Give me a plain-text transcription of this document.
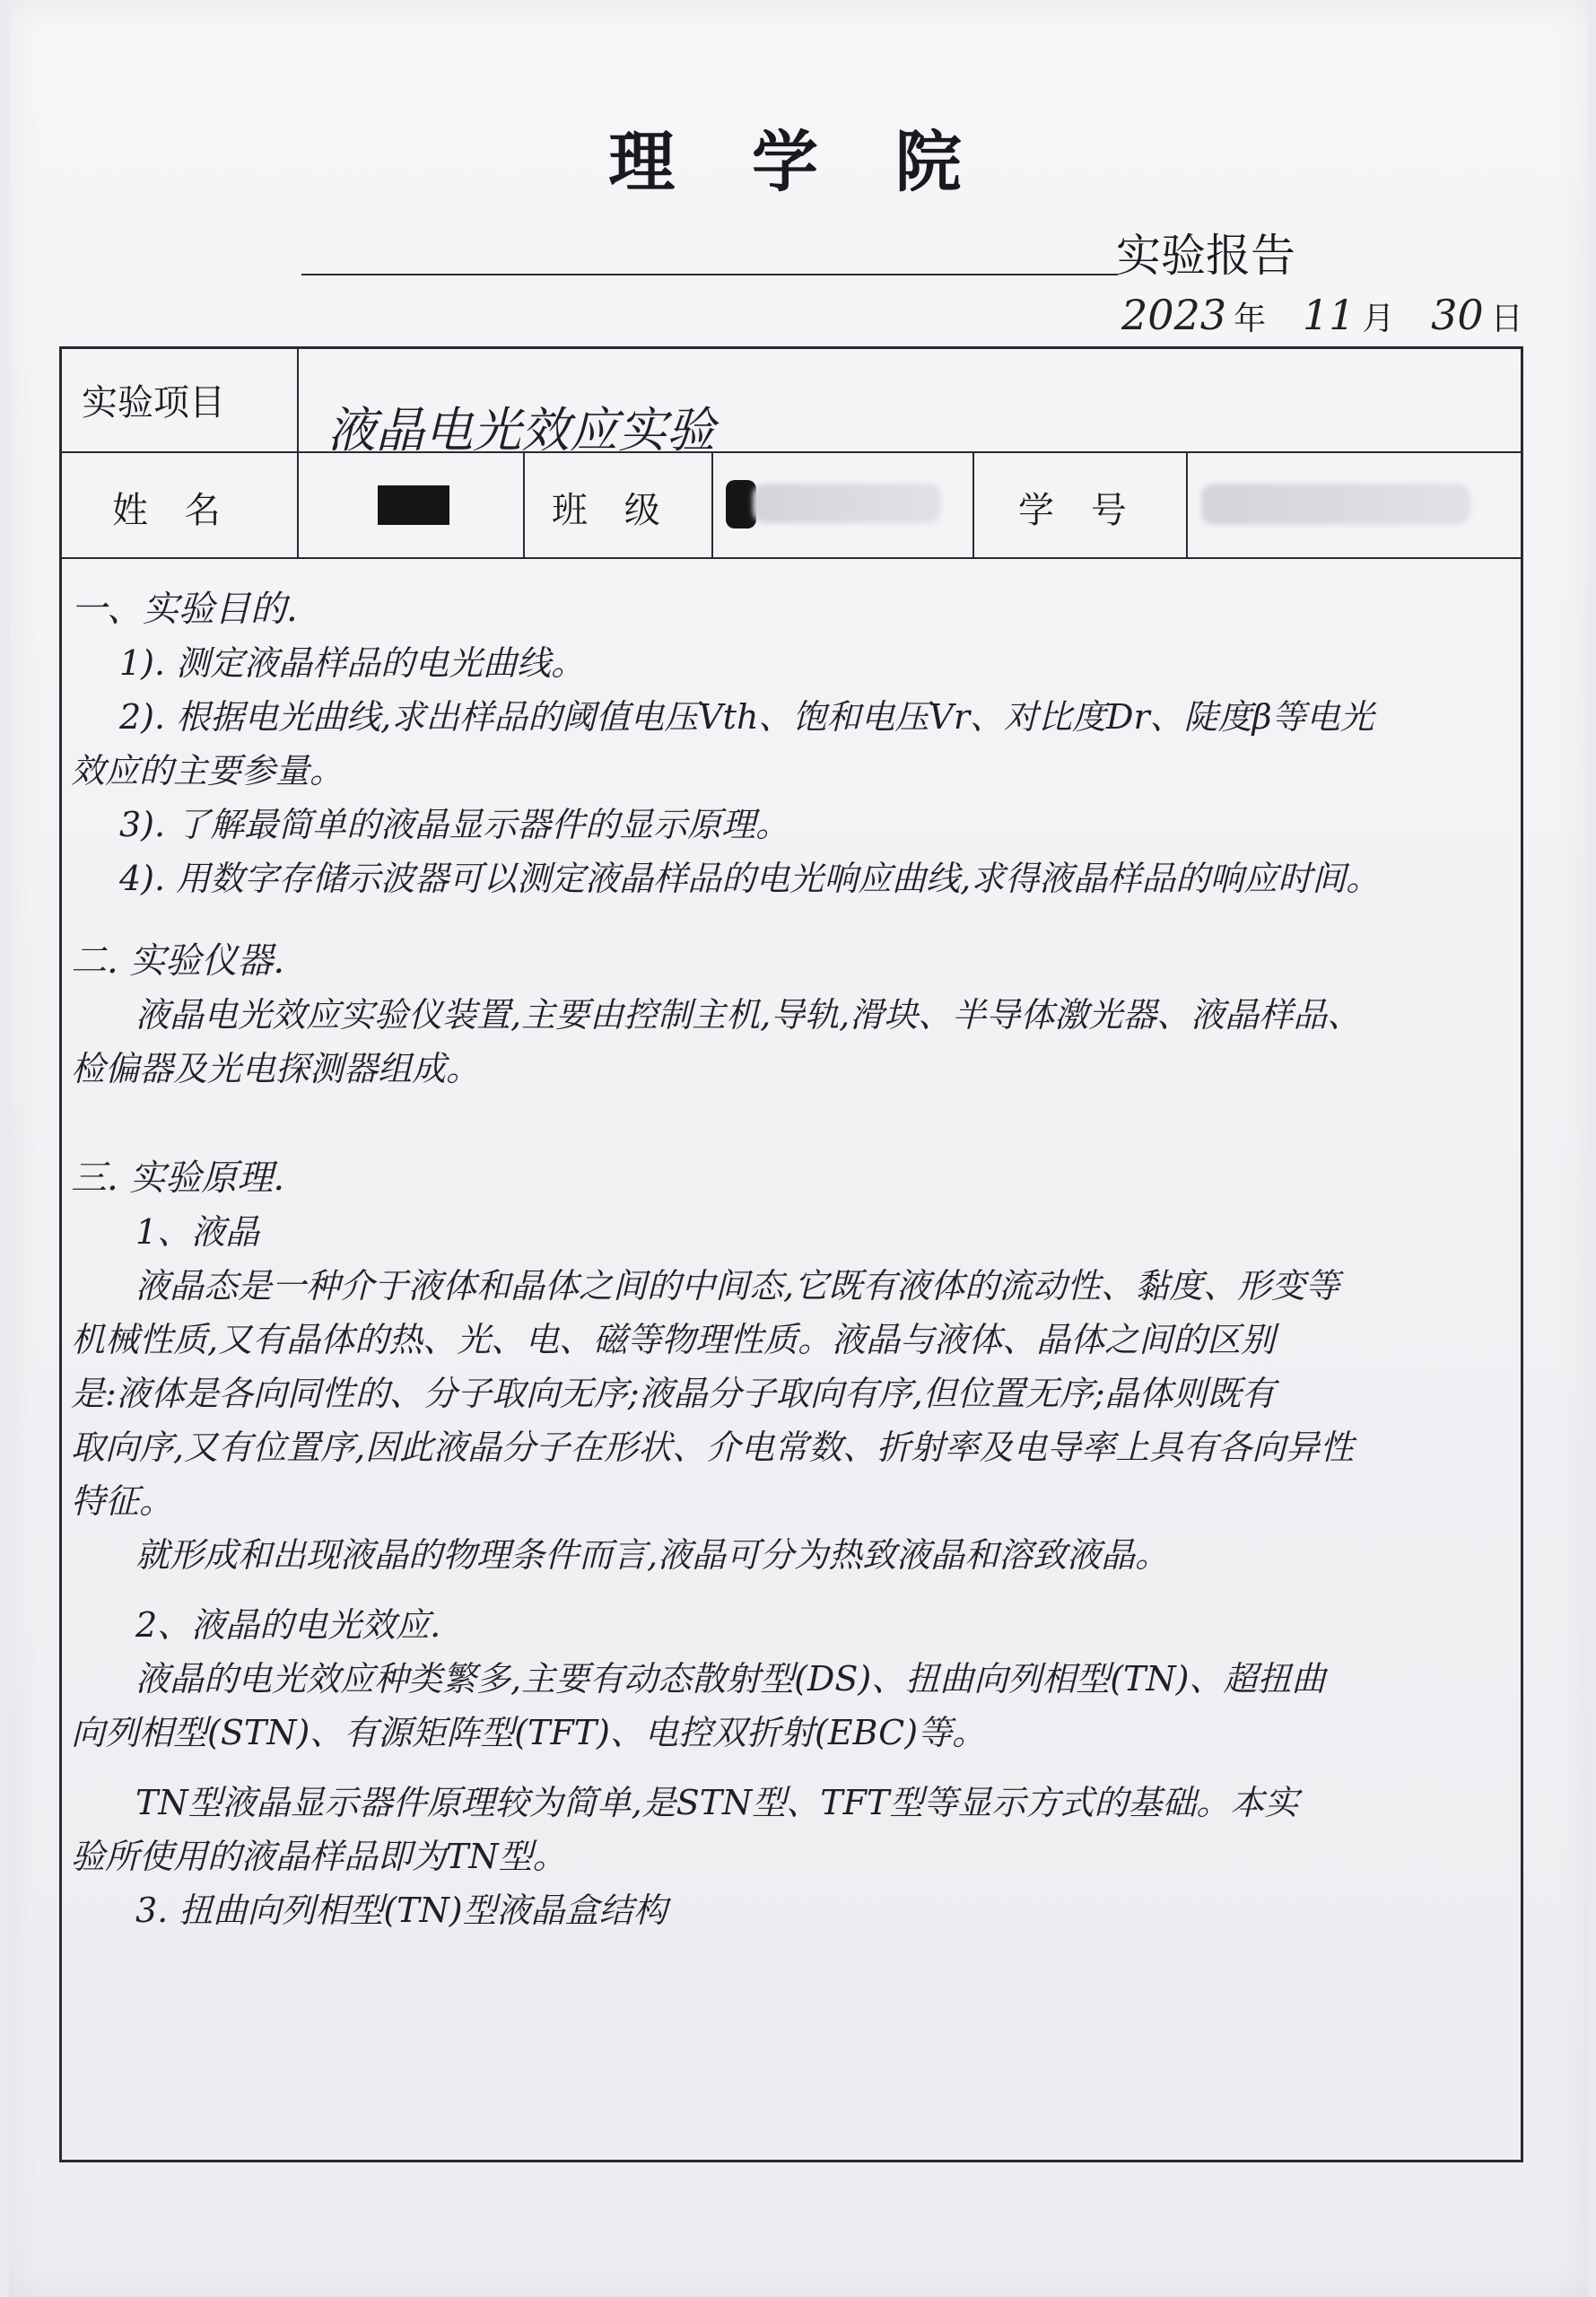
理 学 院
实验报告
2023 年 11 月 30 日
实验项目 液晶电光效应实验
姓 名	班 级	学 号
一、实验目的.
1). 测定液晶样品的电光曲线。
2). 根据电光曲线,求出样品的阈值电压Vth、饱和电压Vr、对比度Dr、陡度β等电光
效应的主要参量。
3). 了解最简单的液晶显示器件的显示原理。
4). 用数字存储示波器可以测定液晶样品的电光响应曲线,求得液晶样品的响应时间。
二. 实验仪器.
液晶电光效应实验仪装置,主要由控制主机,导轨,滑块、半导体激光器、液晶样品、
检偏器及光电探测器组成。
三. 实验原理.
1、液晶
液晶态是一种介于液体和晶体之间的中间态,它既有液体的流动性、黏度、形变等
机械性质,又有晶体的热、光、电、磁等物理性质。液晶与液体、晶体之间的区别
是:液体是各向同性的、分子取向无序;液晶分子取向有序,但位置无序;晶体则既有
取向序,又有位置序,因此液晶分子在形状、介电常数、折射率及电导率上具有各向异性
特征。
就形成和出现液晶的物理条件而言,液晶可分为热致液晶和溶致液晶。
2、液晶的电光效应.
液晶的电光效应种类繁多,主要有动态散射型(DS)、扭曲向列相型(TN)、超扭曲
向列相型(STN)、有源矩阵型(TFT)、电控双折射(EBC)等。
TN型液晶显示器件原理较为简单,是STN型、TFT型等显示方式的基础。本实
验所使用的液晶样品即为TN型。
3. 扭曲向列相型(TN)型液晶盒结构
